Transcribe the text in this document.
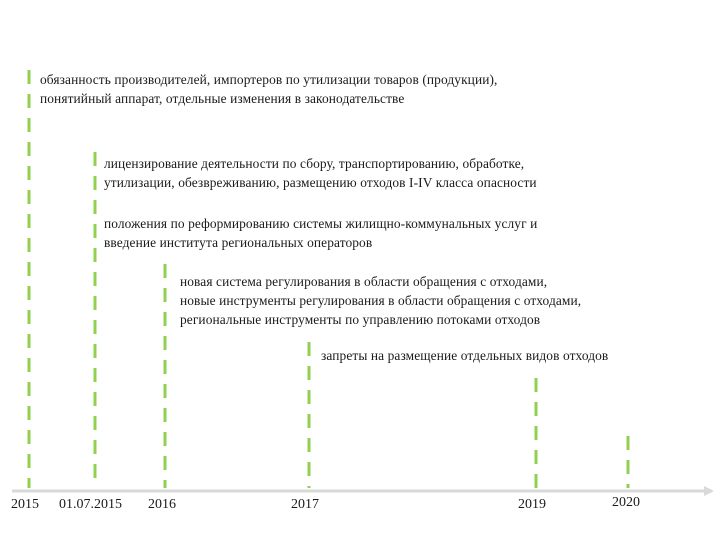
обязанность производителей, импортеров по утилизации товаров (продукции),
понятийный аппарат, отдельные изменения в законодательстве
лицензирование деятельности по сбору, транспортированию, обработке,
утилизации, обезвреживанию, размещению отходов I-IV класса опасности
положения по реформированию системы жилищно-коммунальных услуг и
введение института региональных операторов
новая система регулирования в области обращения с отходами,
новые инструменты регулирования в области обращения с отходами,
региональные инструменты по управлению потоками отходов
запреты на размещение отдельных видов отходов
2015 01.07.2015 2016	2017	2019	2020
